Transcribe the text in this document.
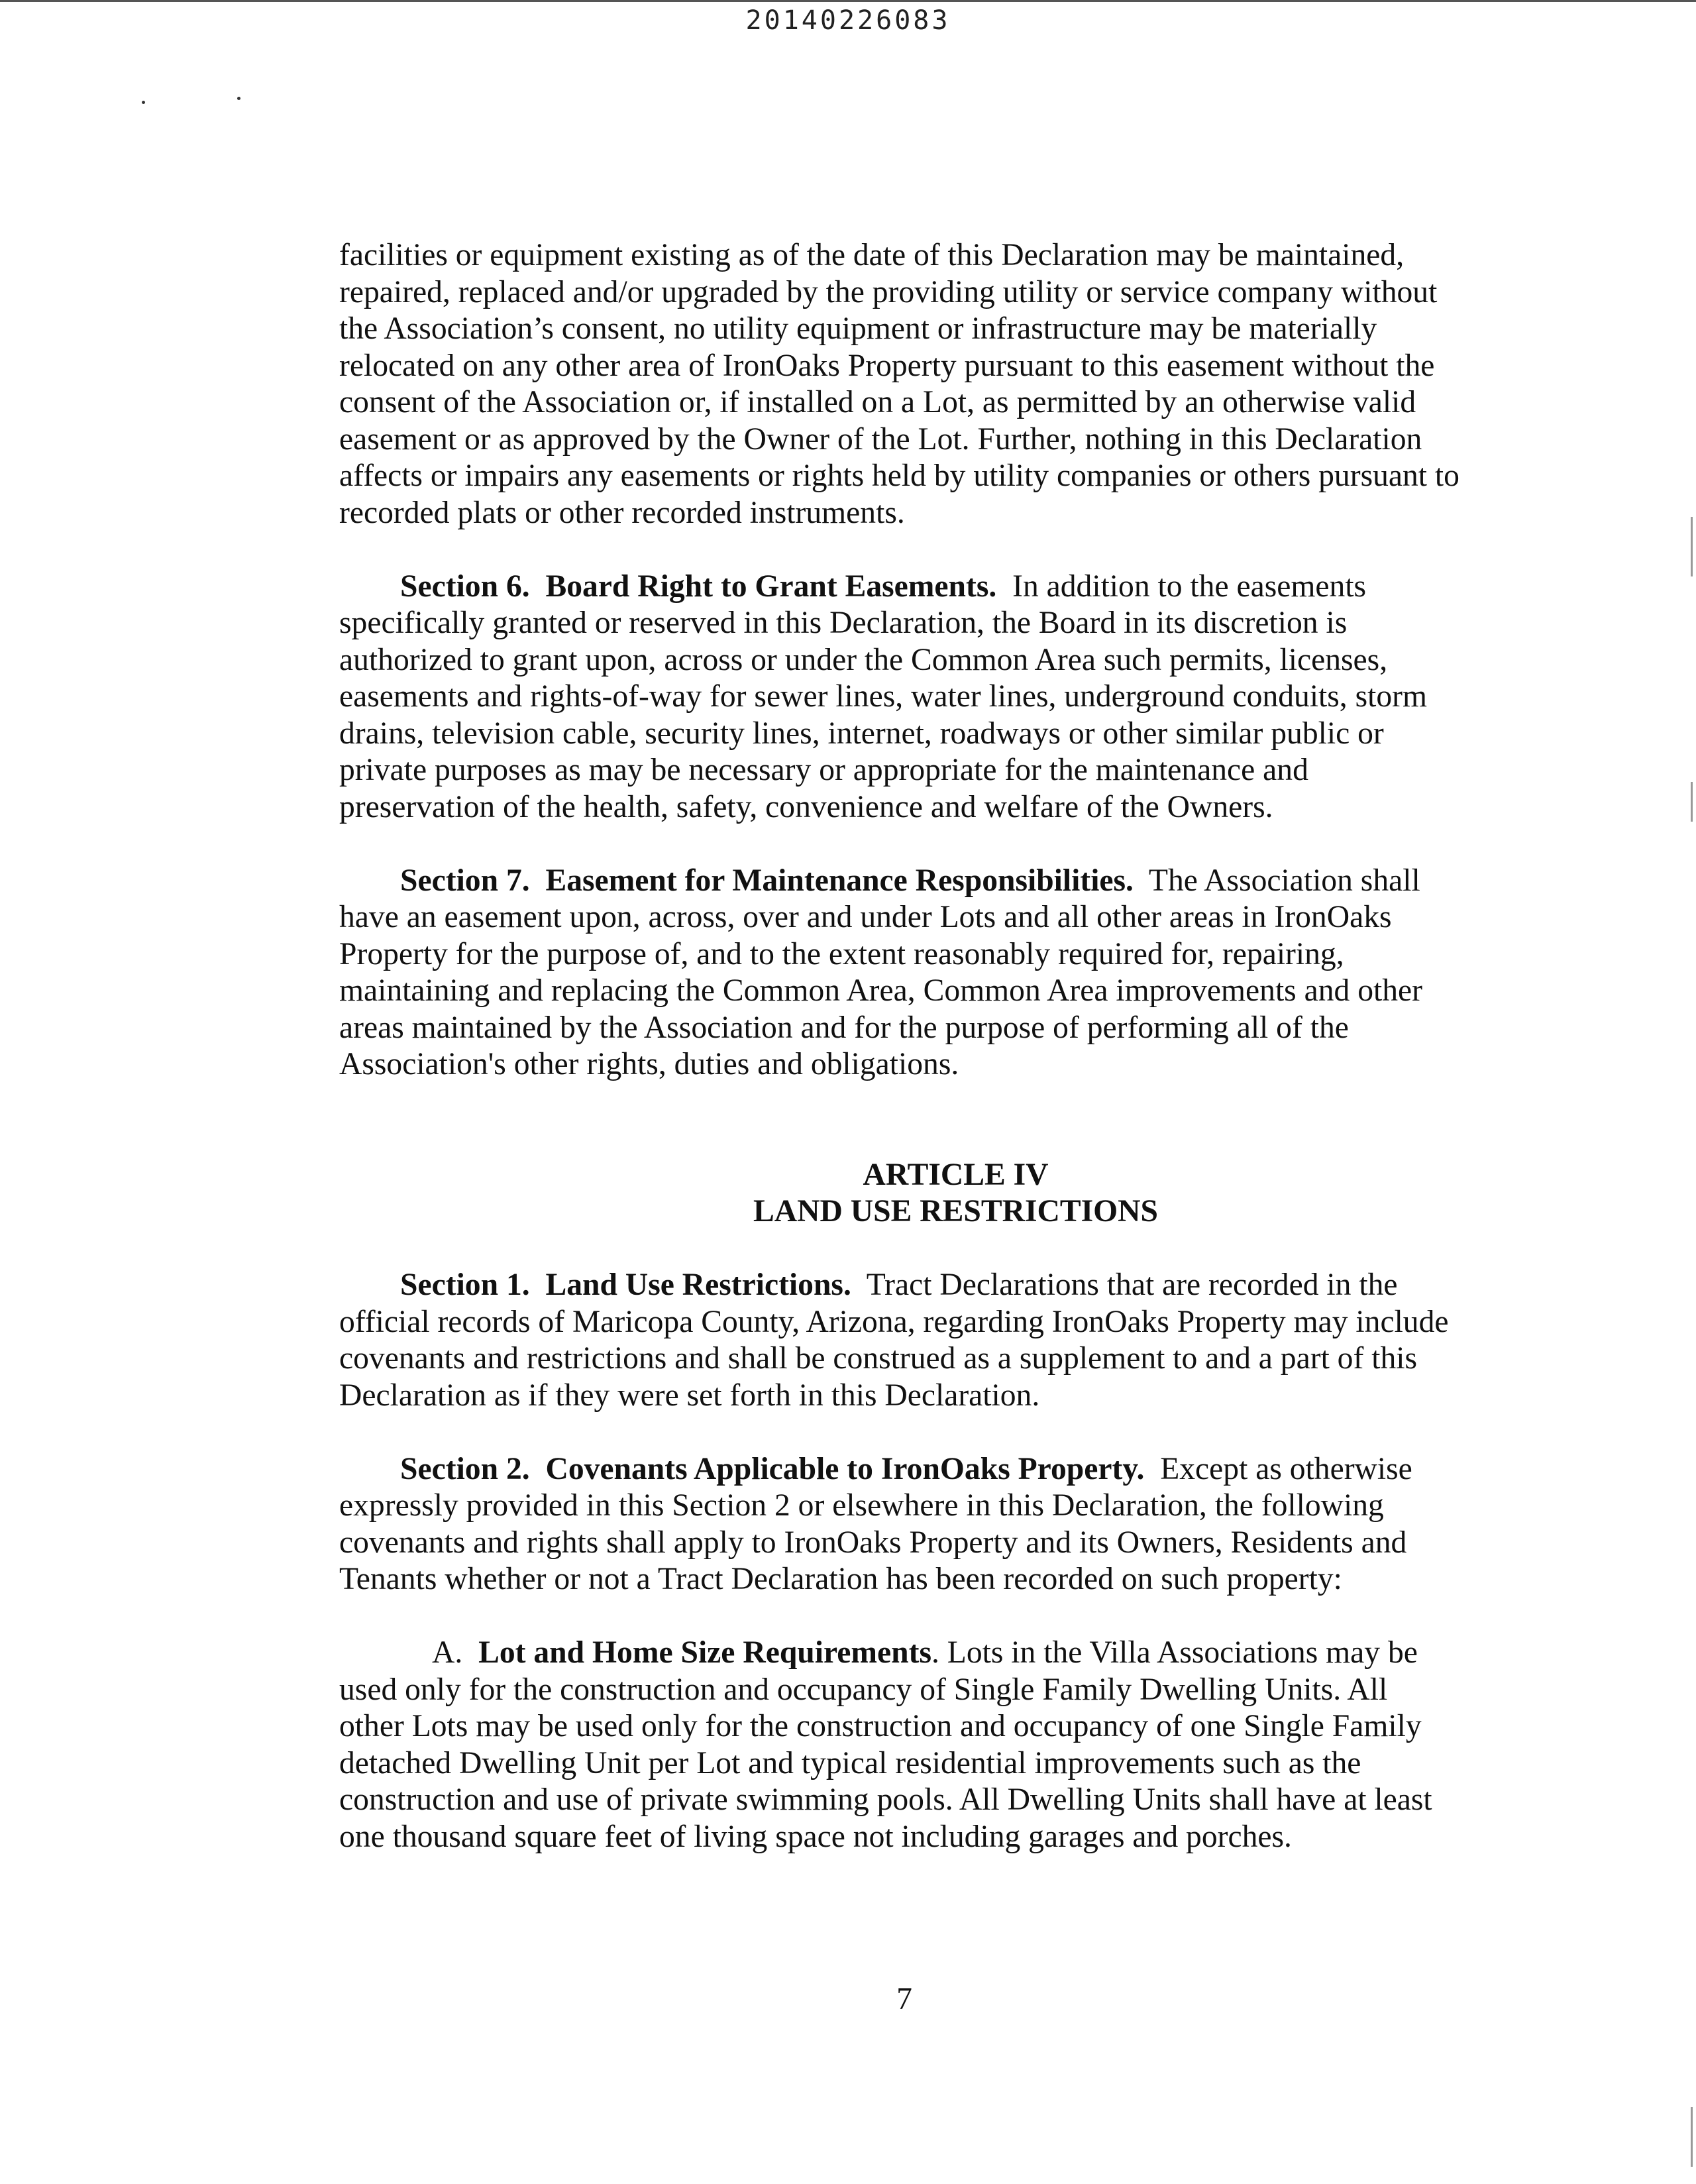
20140226083

facilities or equipment existing as of the date of this Declaration may be maintained,
repaired, replaced and/or upgraded by the providing utility or service company without
the Association’s consent, no utility equipment or infrastructure may be materially
relocated on any other area of IronOaks Property pursuant to this easement without the
consent of the Association or, if installed on a Lot, as permitted by an otherwise valid
easement or as approved by the Owner of the Lot. Further, nothing in this Declaration
affects or impairs any easements or rights held by utility companies or others pursuant to
recorded plats or other recorded instruments.

Section 6. Board Right to Grant Easements. In addition to the easements
specifically granted or reserved in this Declaration, the Board in its discretion is
authorized to grant upon, across or under the Common Area such permits, licenses,
easements and rights-of-way for sewer lines, water lines, underground conduits, storm
drains, television cable, security lines, internet, roadways or other similar public or
private purposes as may be necessary or appropriate for the maintenance and
preservation of the health, safety, convenience and welfare of the Owners.

Section 7. Easement for Maintenance Responsibilities. The Association shall
have an easement upon, across, over and under Lots and all other areas in IronOaks
Property for the purpose of, and to the extent reasonably required for, repairing,
maintaining and replacing the Common Area, Common Area improvements and other
areas maintained by the Association and for the purpose of performing all of the
Association's other rights, duties and obligations.

ARTICLE IV

LAND USE RESTRICTIONS

Section 1. Land Use Restrictions. Tract Declarations that are recorded in the
official records of Maricopa County, Arizona, regarding IronOaks Property may include
covenants and restrictions and shall be construed as a supplement to and a part of this
Declaration as if they were set forth in this Declaration.

Section 2. Covenants Applicable to IronOaks Property. Except as otherwise
expressly provided in this Section 2 or elsewhere in this Declaration, the following
covenants and rights shall apply to IronOaks Property and its Owners, Residents and
Tenants whether or not a Tract Declaration has been recorded on such property:

A. Lot and Home Size Requirements. Lots in the Villa Associations may be
used only for the construction and occupancy of Single Family Dwelling Units. All
other Lots may be used only for the construction and occupancy of one Single Family
detached Dwelling Unit per Lot and typical residential improvements such as the
construction and use of private swimming pools. All Dwelling Units shall have at least
one thousand square feet of living space not including garages and porches.

7
